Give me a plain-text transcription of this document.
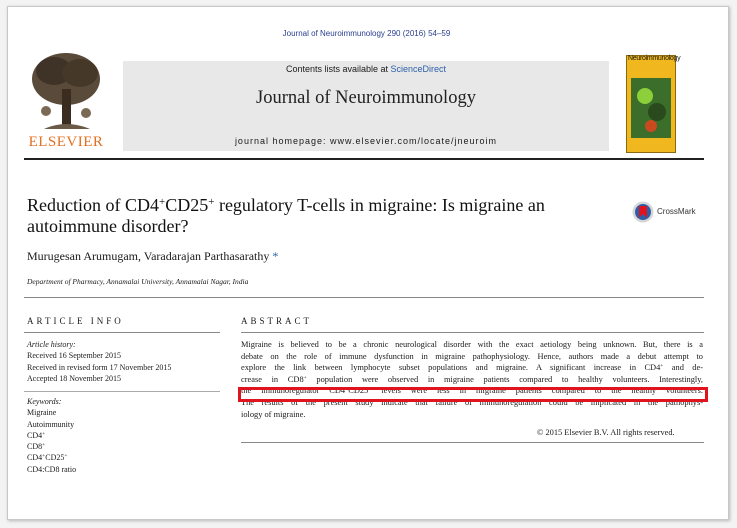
Journal of Neuroimmunology 290 (2016) 54–59
ELSEVIER
Contents lists available at ScienceDirect
Journal of Neuroimmunology
journal homepage: www.elsevier.com/locate/jneuroim
Neuroimmunology
Reduction of CD4+CD25+ regulatory T-cells in migraine: Is migraine an autoimmune disorder?
CrossMark
Murugesan Arumugam, Varadarajan Parthasarathy *
Department of Pharmacy, Annamalai University, Annamalai Nagar, India
ARTICLE INFO	ABSTRACT
Article history:
Received 16 September 2015
Received in revised form 17 November 2015
Accepted 18 November 2015
Keywords:
Migraine
Autoimmunity
CD4+
CD8+
CD4+CD25+
CD4:CD8 ratio
Migraine is believed to be a chronic neurological disorder with the exact aetiology being unknown. But, there is a
debate on the role of immune dysfunction in migraine pathophysiology. Hence, authors made a debut attempt to
explore the link between lymphocyte subset populations and migraine. A significant increase in CD4+ and de-
crease in CD8+ population were observed in migraine patients compared to healthy volunteers. Interestingly,
the immunoregulator CD4+CD25+ levels were less in migraine patients compared to the healthy volunteers.
The results of the present study indicate that failure of immunoregulation could be implicated in the pathophys-
iology of migraine.
© 2015 Elsevier B.V. All rights reserved.
